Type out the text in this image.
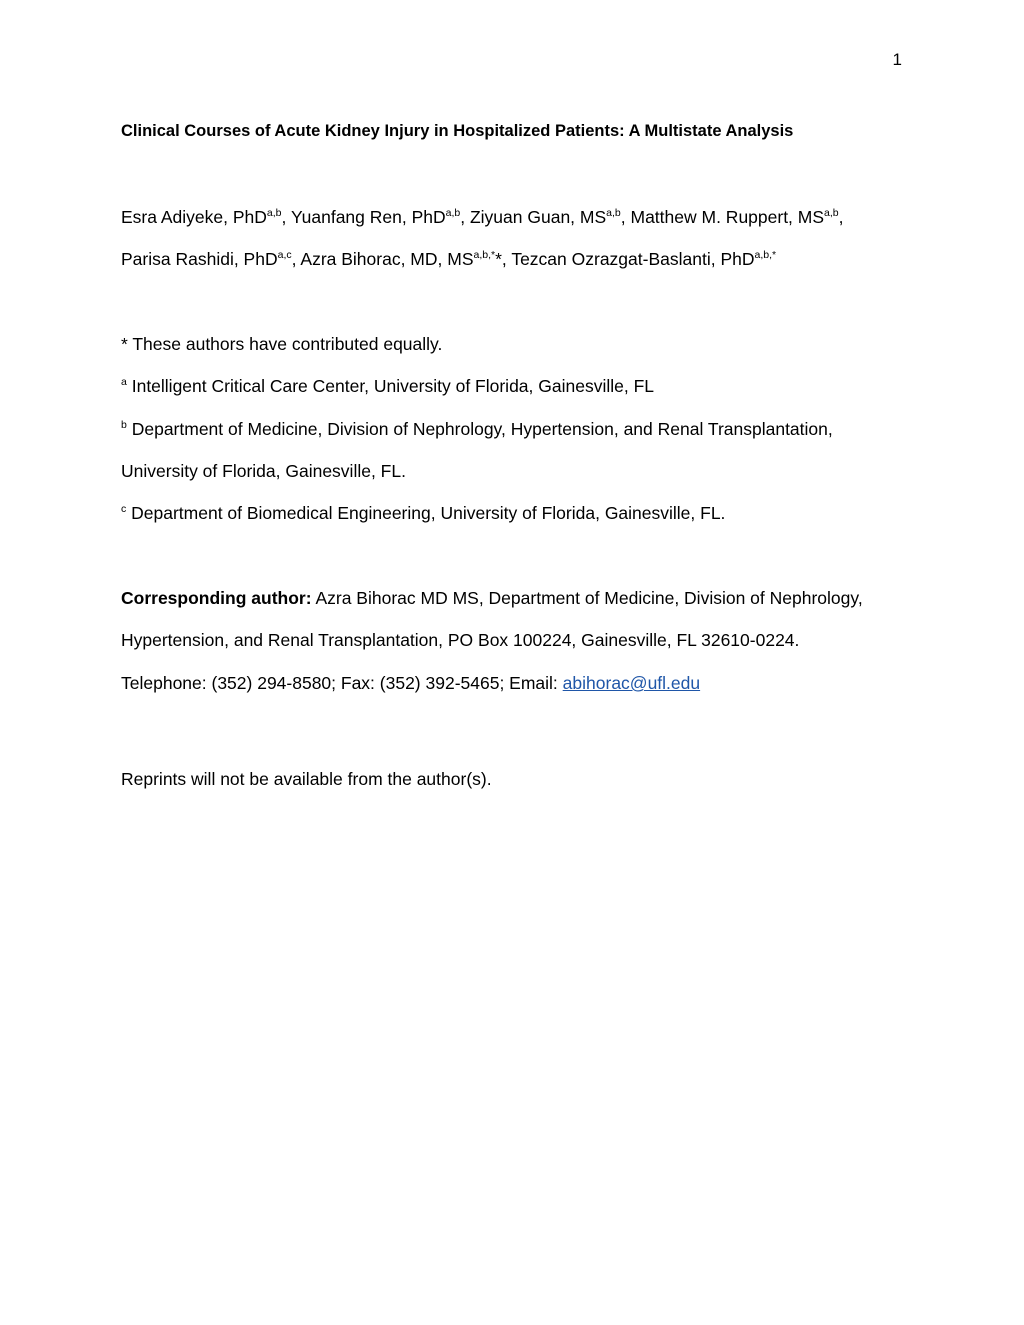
1
Clinical Courses of Acute Kidney Injury in Hospitalized Patients: A Multistate Analysis
Esra Adiyeke, PhD$^{a,b}$, Yuanfang Ren, PhD$^{a,b}$, Ziyuan Guan, MS$^{a,b}$, Matthew M. Ruppert, MS$^{a,b}$,
Parisa Rashidi, PhD$^{a,c}$, Azra Bihorac, MD, $MS^{a,b,*}*$, Tezcan Ozrazgat-Baslanti, PhD$^{a,b,*}$
* These authors have contributed equally.
$^a$ Intelligent Critical Care Center, University of Florida, Gainesville, FL
$^b$ Department of Medicine, Division of Nephrology, Hypertension, and Renal Transplantation,
University of Florida, Gainesville, FL.
$^c$ Department of Biomedical Engineering, University of Florida, Gainesville, FL.
Corresponding author: Azra Bihorac MD MS, Department of Medicine, Division of Nephrology,
Hypertension, and Renal Transplantation, PO Box 100224, Gainesville, FL 32610-0224.
Telephone: (352) 294-8580; Fax: (352) 392-5465; Email: abihorac@ufl.edu
Reprints will not be available from the author(s).
